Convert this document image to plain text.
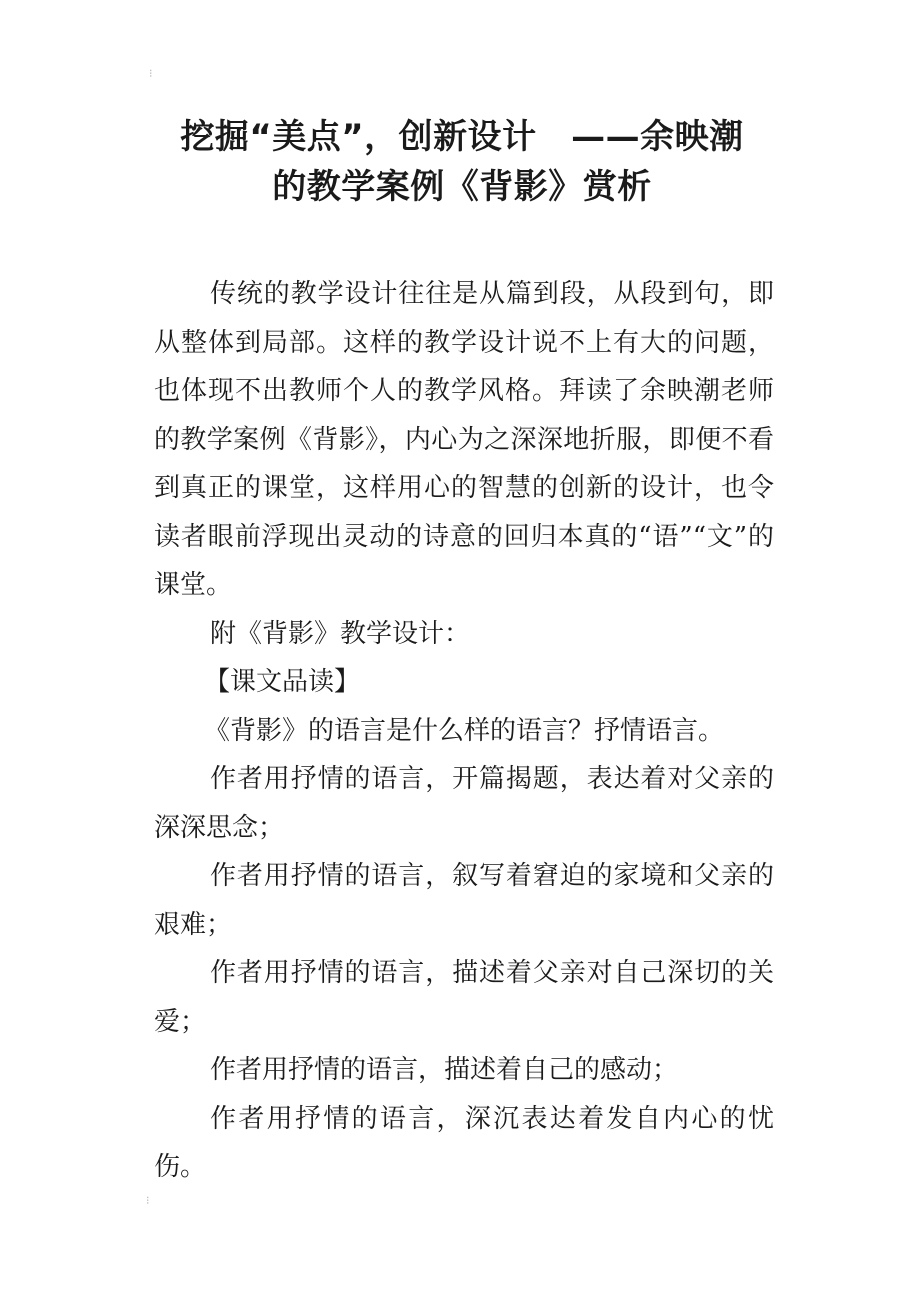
⁝
挖掘“美点”，创新设计　——余映潮
的教学案例《背影》赏析

传统的教学设计往往是从篇到段，从段到句，即从整体到局部。这样的教学设计说不上有大的问题，也体现不出教师个人的教学风格。拜读了余映潮老师的教学案例《背影》，内心为之深深地折服，即便不看到真正的课堂，这样用心的智慧的创新的设计，也令读者眼前浮现出灵动的诗意的回归本真的“语”“文”的课堂。

附《背影》教学设计：

【课文品读】

《背影》的语言是什么样的语言？抒情语言。

作者用抒情的语言，开篇揭题，表达着对父亲的深深思念；

作者用抒情的语言，叙写着窘迫的家境和父亲的艰难；

作者用抒情的语言，描述着父亲对自己深切的关爱；

作者用抒情的语言，描述着自己的感动；

作者用抒情的语言，深沉表达着发自内心的忧伤。

⁝
